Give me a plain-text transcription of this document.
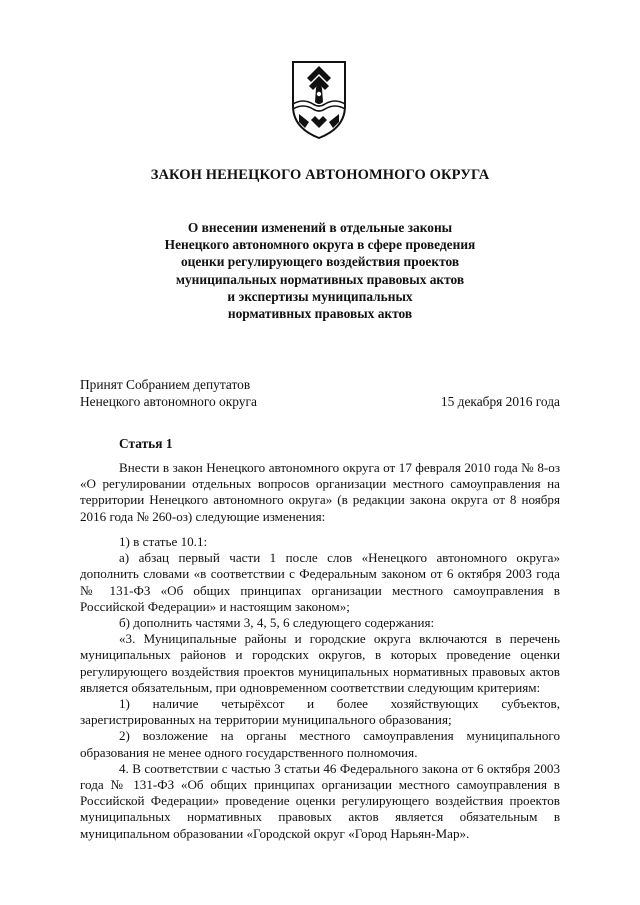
ЗАКОН НЕНЕЦКОГО АВТОНОМНОГО ОКРУГА
О внесении изменений в отдельные законы
Ненецкого автономного округа в сфере проведения
оценки регулирующего воздействия проектов
муниципальных нормативных правовых актов
и экспертизы муниципальных
нормативных правовых актов
Принят Собранием депутатов
Ненецкого автономного округа	15 декабря 2016 года
Статья 1

Внести в закон Ненецкого автономного округа от 17 февраля 2010 года № 8-оз «О регулировании отдельных вопросов организации местного самоуправления на территории Ненецкого автономного округа» (в редакции закона округа от 8 ноября 2016 года № 260-оз) следующие изменения:

1) в статье 10.1:

а) абзац первый части 1 после слов «Ненецкого автономного округа» дополнить словами «в соответствии с Федеральным законом от 6 октября 2003 года № 131-ФЗ «Об общих принципах организации местного самоуправления в Российской Федерации» и настоящим законом»;

б) дополнить частями 3, 4, 5, 6 следующего содержания:

«3. Муниципальные районы и городские округа включаются в перечень муниципальных районов и городских округов, в которых проведение оценки регулирующего воздействия проектов муниципальных нормативных правовых актов является обязательным, при одновременном соответствии следующим критериям:

1) наличие четырёхсот и более хозяйствующих субъектов, зарегистрированных на территории муниципального образования;

2) возложение на органы местного самоуправления муниципального образования не менее одного государственного полномочия.

4. В соответствии с частью 3 статьи 46 Федерального закона от 6 октября 2003 года № 131-ФЗ «Об общих принципах организации местного самоуправления в Российской Федерации» проведение оценки регулирующего воздействия проектов муниципальных нормативных правовых актов является обязательным в муниципальном образовании «Городской округ «Город Нарьян-Мар».
